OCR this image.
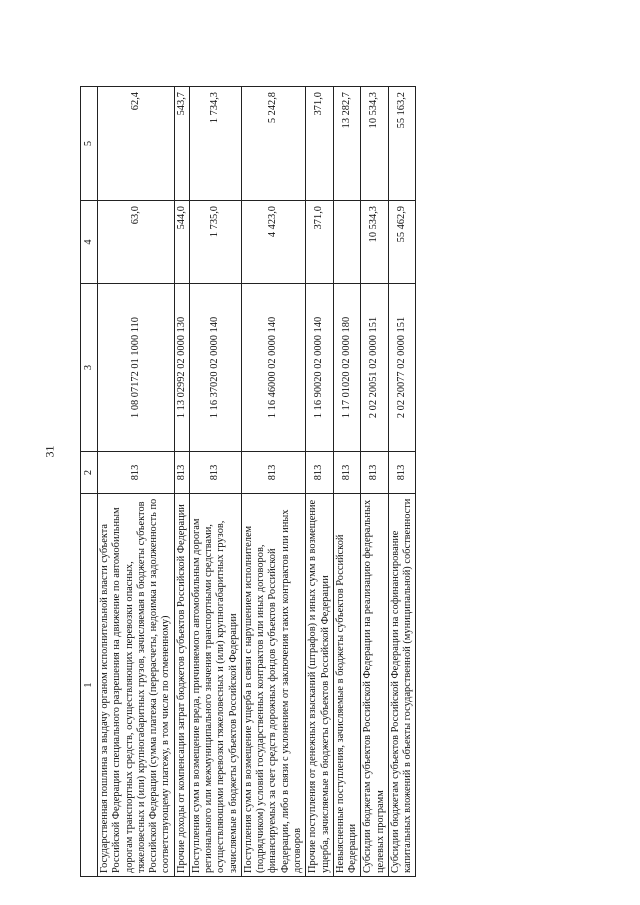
31
1	2	3	4	5
Государственная пошлина за выдачу органом исполнительной власти субъекта Российской Федерации специального разрешения на движение по автомобильным дорогам транспортных средств, осуществляющих перевозки опасных, тяжеловесных и (или) крупногабаритных грузов, зачисляемая в бюджеты субъектов Российской Федерации (сумма платежа (перерасчеты, недоимка и задолженность по соответствующему платежу, в том числе по отмененному)	813	1 08 07172 01 1000 110	63,0	62,4
Прочие доходы от компенсации затрат бюджетов субъектов Российской Федерации	813	1 13 02992 02 0000 130	544,0	543,7
Поступления сумм в возмещение вреда, причиняемого автомобильным дорогам регионального или межмуниципального значения транспортными средствами, осуществляющими перевозки тяжеловесных и (или) крупногабаритных грузов, зачисляемые в бюджеты субъектов Российской Федерации	813	1 16 37020 02 0000 140	1 735,0	1 734,3
Поступления сумм в возмещение ущерба в связи с нарушением исполнителем (подрядчиком) условий государственных контрактов или иных договоров, финансируемых за счет средств дорожных фондов субъектов Российской Федерации, либо в связи с уклонением от заключения таких контрактов или иных договоров	813	1 16 46000 02 0000 140	4 423,0	5 242,8
Прочие поступления от денежных взысканий (штрафов) и иных сумм в возмещение ущерба, зачисляемые в бюджеты субъектов Российской Федерации	813	1 16 90020 02 0000 140	371,0	371,0
Невыясненные поступления, зачисляемые в бюджеты субъектов Российской Федерации	813	1 17 01020 02 0000 180		13 282,7
Субсидии бюджетам субъектов Российской Федерации на реализацию федеральных целевых программ	813	2 02 20051 02 0000 151	10 534,3	10 534,3
Субсидии бюджетам субъектов Российской Федерации на софинансирование капитальных вложений в объекты государственной (муниципальной) собственности	813	2 02 20077 02 0000 151	55 462,9	55 163,2
